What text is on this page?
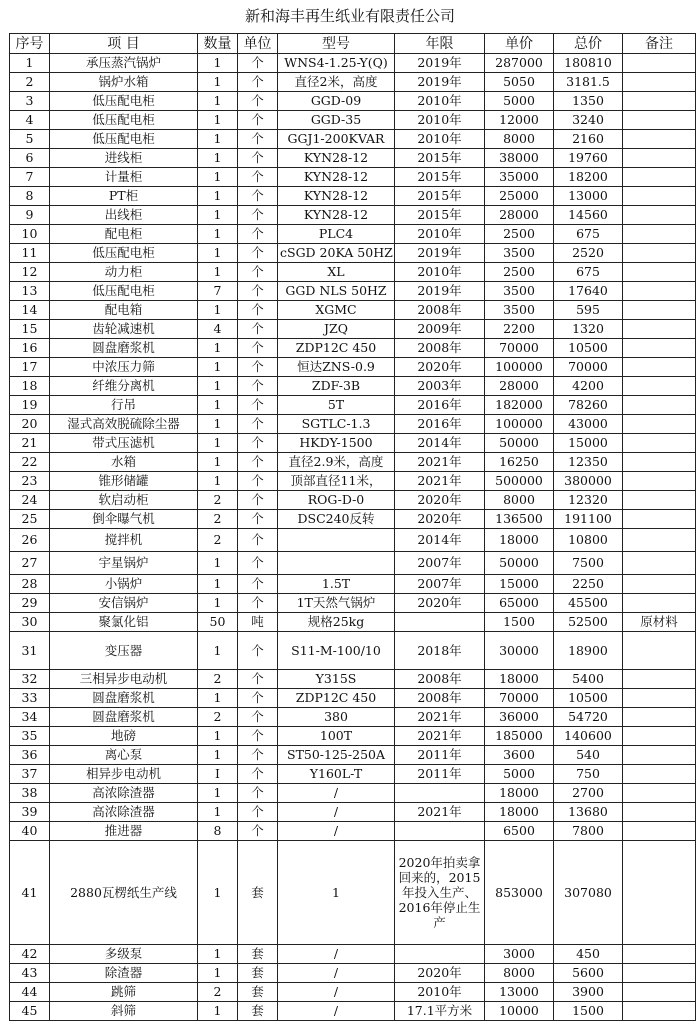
新和海丰再生纸业有限责任公司
序号	项 目	数量	单位	型号	年限	单价	总价	备注
1	承压蒸汽锅炉	1	个	WNS4-1.25-Y(Q)	2019年	287000	180810	
2	锅炉水箱	1	个	直径2米，高度	2019年	5050	3181.5	
3	低压配电柜	1	个	GGD-09	2010年	5000	1350	
4	低压配电柜	1	个	GGD-35	2010年	12000	3240	
5	低压配电柜	1	个	GGJ1-200KVAR	2010年	8000	2160	
6	进线柜	1	个	KYN28-12	2015年	38000	19760	
7	计量柜	1	个	KYN28-12	2015年	35000	18200	
8	PT柜	1	个	KYN28-12	2015年	25000	13000	
9	出线柜	1	个	KYN28-12	2015年	28000	14560	
10	配电柜	1	个	PLC4	2010年	2500	675	
11	低压配电柜	1	个	cSGD 20KA 50HZ	2019年	3500	2520	
12	动力柜	1	个	XL	2010年	2500	675	
13	低压配电柜	7	个	GGD NLS 50HZ	2019年	3500	17640	
14	配电箱	1	个	XGMC	2008年	3500	595	
15	齿轮减速机	4	个	JZQ	2009年	2200	1320	
16	圆盘磨浆机	1	个	ZDP12C 450	2008年	70000	10500	
17	中浓压力筛	1	个	恒达ZNS-0.9	2020年	100000	70000	
18	纤维分离机	1	个	ZDF-3B	2003年	28000	4200	
19	行吊	1	个	5T	2016年	182000	78260	
20	湿式高效脱硫除尘器	1	个	SGTLC-1.3	2016年	100000	43000	
21	带式压滤机	1	个	HKDY-1500	2014年	50000	15000	
22	水箱	1	个	直径2.9米，高度	2021年	16250	12350	
23	锥形储罐	1	个	顶部直径11米，	2021年	500000	380000	
24	软启动柜	2	个	ROG-D-0	2020年	8000	12320	
25	倒伞曝气机	2	个	DSC240反转	2020年	136500	191100	
26	搅拌机	2	个		2014年	18000	10800	
27	宇星锅炉	1	个		2007年	50000	7500	
28	小锅炉	1	个	1.5T	2007年	15000	2250	
29	安信锅炉	1	个	1T天然气锅炉	2020年	65000	45500	
30	聚氯化铝	50	吨	规格25kg		1500	52500	原材料
31	变压器	1	个	S11-M-100/10	2018年	30000	18900	
32	三相异步电动机	2	个	Y315S	2008年	18000	5400	
33	圆盘磨浆机	1	个	ZDP12C 450	2008年	70000	10500	
34	圆盘磨浆机	2	个	380	2021年	36000	54720	
35	地磅	1	个	100T	2021年	185000	140600	
36	离心泵	1	个	ST50-125-250A	2011年	3600	540	
37	相异步电动机	I	个	Y160L-T	2011年	5000	750	
38	高浓除渣器	1	个	/		18000	2700	
39	高浓除渣器	1	个	/	2021年	18000	13680	
40	推进器	8	个	/		6500	7800	
41	2880瓦楞纸生产线	1	套	1	2020年拍卖拿回来的，2015年投入生产、2016年停止生产	853000	307080	
42	多级泵	1	套	/		3000	450	
43	除渣器	1	套	/	2020年	8000	5600	
44	跳筛	2	套	/	2010年	13000	3900	
45	斜筛	1	套	/	17.1平方米	10000	1500	
